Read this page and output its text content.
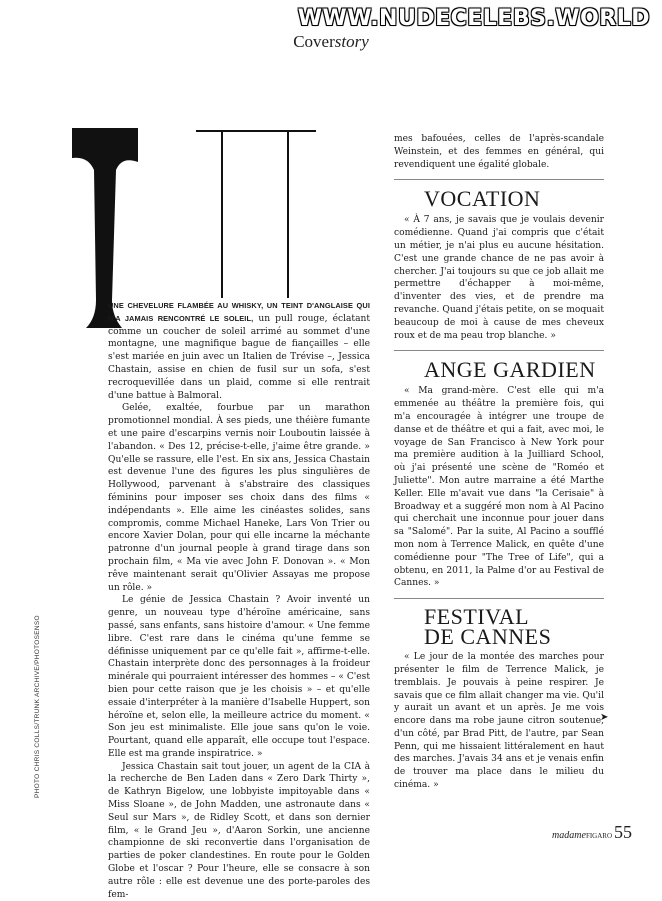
WWW.NUDECELEBS.WORLD
Coverstory

UNE CHEVELURE FLAMBÉE AU WHISKY, UN TEINT D'ANGLAISE QUI N'A JAMAIS RENCONTRÉ LE SOLEIL, un pull rouge, éclatant comme un coucher de soleil arrimé au sommet d'une montagne, une magnifique bague de fiançailles – elle s'est mariée en juin avec un Italien de Trévise –, Jessica Chastain, assise en chien de fusil sur un sofa, s'est recroquevillée dans un plaid, comme si elle rentrait d'une battue à Balmoral.

Gelée, exaltée, fourbue par un marathon promotionnel mondial. À ses pieds, une théière fumante et une paire d'escarpins vernis noir Louboutin laissée à l'abandon. « Des 12, précise-t-elle, j'aime être grande. » Qu'elle se rassure, elle l'est. En six ans, Jessica Chastain est devenue l'une des figures les plus singulières de Hollywood, parvenant à s'abstraire des classiques féminins pour imposer ses choix dans des films « indépendants ». Elle aime les cinéastes solides, sans compromis, comme Michael Haneke, Lars Von Trier ou encore Xavier Dolan, pour qui elle incarne la méchante patronne d'un journal people à grand tirage dans son prochain film, « Ma vie avec John F. Donovan ». « Mon rêve maintenant serait qu'Olivier Assayas me propose un rôle. »

Le génie de Jessica Chastain ? Avoir inventé un genre, un nouveau type d'héroïne américaine, sans passé, sans enfants, sans histoire d'amour. « Une femme libre. C'est rare dans le cinéma qu'une femme se définisse uniquement par ce qu'elle fait », affirme-t-elle. Chastain interprète donc des personnages à la froideur minérale qui pourraient intéresser des hommes – « C'est bien pour cette raison que je les choisis » – et qu'elle essaie d'interpréter à la manière d'Isabelle Huppert, son héroïne et, selon elle, la meilleure actrice du moment. « Son jeu est minimaliste. Elle joue sans qu'on le voie. Pourtant, quand elle apparaît, elle occupe tout l'espace. Elle est ma grande inspiratrice. »

Jessica Chastain sait tout jouer, un agent de la CIA à la recherche de Ben Laden dans « Zero Dark Thirty », de Kathryn Bigelow, une lobbyiste impitoyable dans « Miss Sloane », de John Madden, une astronaute dans « Seul sur Mars », de Ridley Scott, et dans son dernier film, « le Grand Jeu », d'Aaron Sorkin, une ancienne championne de ski reconvertie dans l'organisation de parties de poker clandestines. En route pour le Golden Globe et l'oscar ? Pour l'heure, elle se consacre à son autre rôle : elle est devenue une des porte-paroles des fem-

mes bafouées, celles de l'après-scandale Weinstein, et des femmes en général, qui revendiquent une égalité globale.

VOCATION

« À 7 ans, je savais que je voulais devenir comédienne. Quand j'ai compris que c'était un métier, je n'ai plus eu aucune hésitation. C'est une grande chance de ne pas avoir à chercher. J'ai toujours su que ce job allait me permettre d'échapper à moi-même, d'inventer des vies, et de prendre ma revanche. Quand j'étais petite, on se moquait beaucoup de moi à cause de mes cheveux roux et de ma peau trop blanche. »

ANGE GARDIEN

« Ma grand-mère. C'est elle qui m'a emmenée au théâtre la première fois, qui m'a encouragée à intégrer une troupe de danse et de théâtre et qui a fait, avec moi, le voyage de San Francisco à New York pour ma première audition à la Juilliard School, où j'ai présenté une scène de "Roméo et Juliette". Mon autre marraine a été Marthe Keller. Elle m'avait vue dans "la Cerisaie" à Broadway et a suggéré mon nom à Al Pacino qui cherchait une inconnue pour jouer dans sa "Salomé". Par la suite, Al Pacino a soufflé mon nom à Terrence Malick, en quête d'une comédienne pour "The Tree of Life", qui a obtenu, en 2011, la Palme d'or au Festival de Cannes. »

FESTIVAL
DE CANNES

« Le jour de la montée des marches pour présenter le film de Terrence Malick, je tremblais. Je pouvais à peine respirer. Je savais que ce film allait changer ma vie. Qu'il y aurait un avant et un après. Je me vois encore dans ma robe jaune citron soutenue, d'un côté, par Brad Pitt, de l'autre, par Sean Penn, qui me hissaient littéralement en haut des marches. J'avais 34 ans et je venais enfin de trouver ma place dans le milieu du cinéma. »

➤
PHOTO CHRIS COLLS/TRUNK ARCHIVE/PHOTOSENSO
madameFIGARO 55
